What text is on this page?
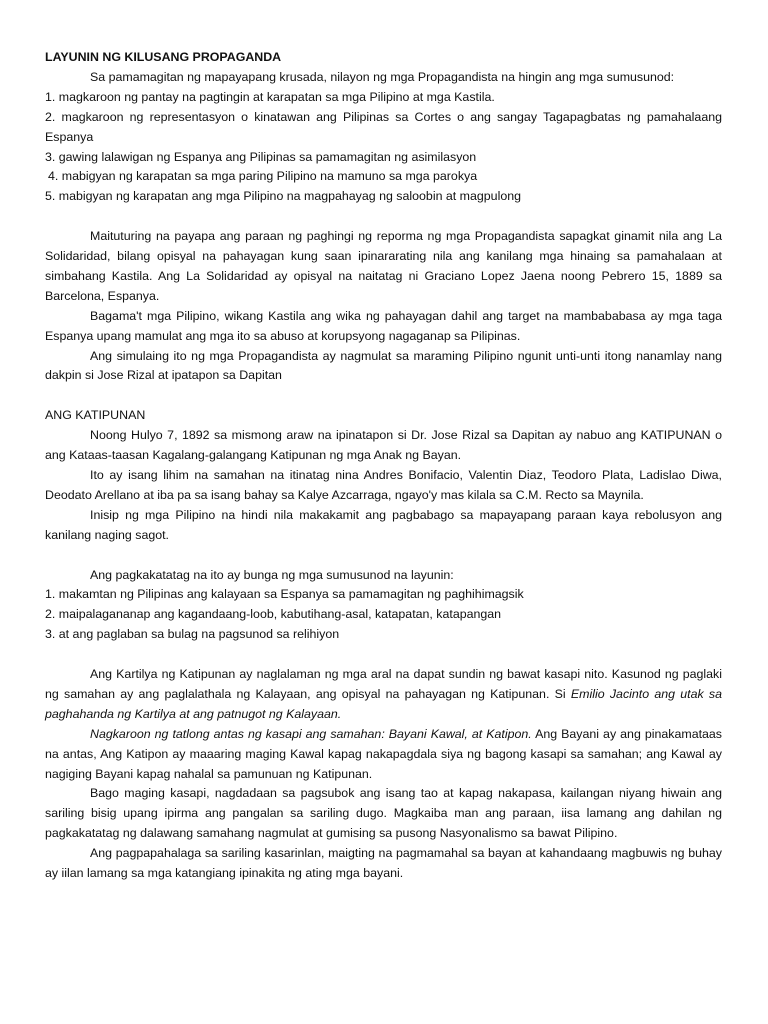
LAYUNIN NG KILUSANG PROPAGANDA

Sa pamamagitan ng mapayapang krusada, nilayon ng mga Propagandista na hingin ang mga sumusunod:

1. magkaroon ng pantay na pagtingin at karapatan sa mga Pilipino at mga Kastila.

2. magkaroon ng representasyon o kinatawan ang Pilipinas sa Cortes o ang sangay Tagapagbatas ng pamahalaang Espanya

3. gawing lalawigan ng Espanya ang Pilipinas sa pamamagitan ng asimilasyon

4. mabigyan ng karapatan sa mga paring Pilipino na mamuno sa mga parokya

5. mabigyan ng karapatan ang mga Pilipino na magpahayag ng saloobin at magpulong

Maituturing na payapa ang paraan ng paghingi ng reporma ng mga Propagandista sapagkat ginamit nila ang La Solidaridad, bilang opisyal na pahayagan kung saan ipinararating nila ang kanilang mga hinaing sa pamahalaan at simbahang Kastila. Ang La Solidaridad ay opisyal na naitatag ni Graciano Lopez Jaena noong Pebrero 15, 1889 sa Barcelona, Espanya.

Bagama't mga Pilipino, wikang Kastila ang wika ng pahayagan dahil ang target na mambababasa ay mga taga Espanya upang mamulat ang mga ito sa abuso at korupsyong nagaganap sa Pilipinas.

Ang simulaing ito ng mga Propagandista ay nagmulat sa maraming Pilipino ngunit unti-unti itong nanamlay nang dakpin si Jose Rizal at ipatapon sa Dapitan

ANG KATIPUNAN

Noong Hulyo 7, 1892 sa mismong araw na ipinatapon si Dr. Jose Rizal sa Dapitan ay nabuo ang KATIPUNAN o ang Kataas-taasan Kagalang-galangang Katipunan ng mga Anak ng Bayan.

Ito ay isang lihim na samahan na itinatag nina Andres Bonifacio, Valentin Diaz, Teodoro Plata, Ladislao Diwa, Deodato Arellano at iba pa sa isang bahay sa Kalye Azcarraga, ngayo'y mas kilala sa C.M. Recto sa Maynila.

Inisip ng mga Pilipino na hindi nila makakamit ang pagbabago sa mapayapang paraan kaya rebolusyon ang kanilang naging sagot.

Ang pagkakatatag na ito ay bunga ng mga sumusunod na layunin:

1. makamtan ng Pilipinas ang kalayaan sa Espanya sa pamamagitan ng paghihimagsik

2. maipalagananap ang kagandaang-loob, kabutihang-asal, katapatan, katapangan

3. at ang paglaban sa bulag na pagsunod sa relihiyon

Ang Kartilya ng Katipunan ay naglalaman ng mga aral na dapat sundin ng bawat kasapi nito. Kasunod ng paglaki ng samahan ay ang paglalathala ng Kalayaan, ang opisyal na pahayagan ng Katipunan. Si Emilio Jacinto ang utak sa paghahanda ng Kartilya at ang patnugot ng Kalayaan.

Nagkaroon ng tatlong antas ng kasapi ang samahan: Bayani Kawal, at Katipon. Ang Bayani ay ang pinakamataas na antas, Ang Katipon ay maaaring maging Kawal kapag nakapagdala siya ng bagong kasapi sa samahan; ang Kawal ay nagiging Bayani kapag nahalal sa pamunuan ng Katipunan.

Bago maging kasapi, nagdadaan sa pagsubok ang isang tao at kapag nakapasa, kailangan niyang hiwain ang sariling bisig upang ipirma ang pangalan sa sariling dugo. Magkaiba man ang paraan, iisa lamang ang dahilan ng pagkakatatag ng dalawang samahang nagmulat at gumising sa pusong Nasyonalismo sa bawat Pilipino.

Ang pagpapahalaga sa sariling kasarinlan, maigting na pagmamahal sa bayan at kahandaang magbuwis ng buhay ay iilan lamang sa mga katangiang ipinakita ng ating mga bayani.
